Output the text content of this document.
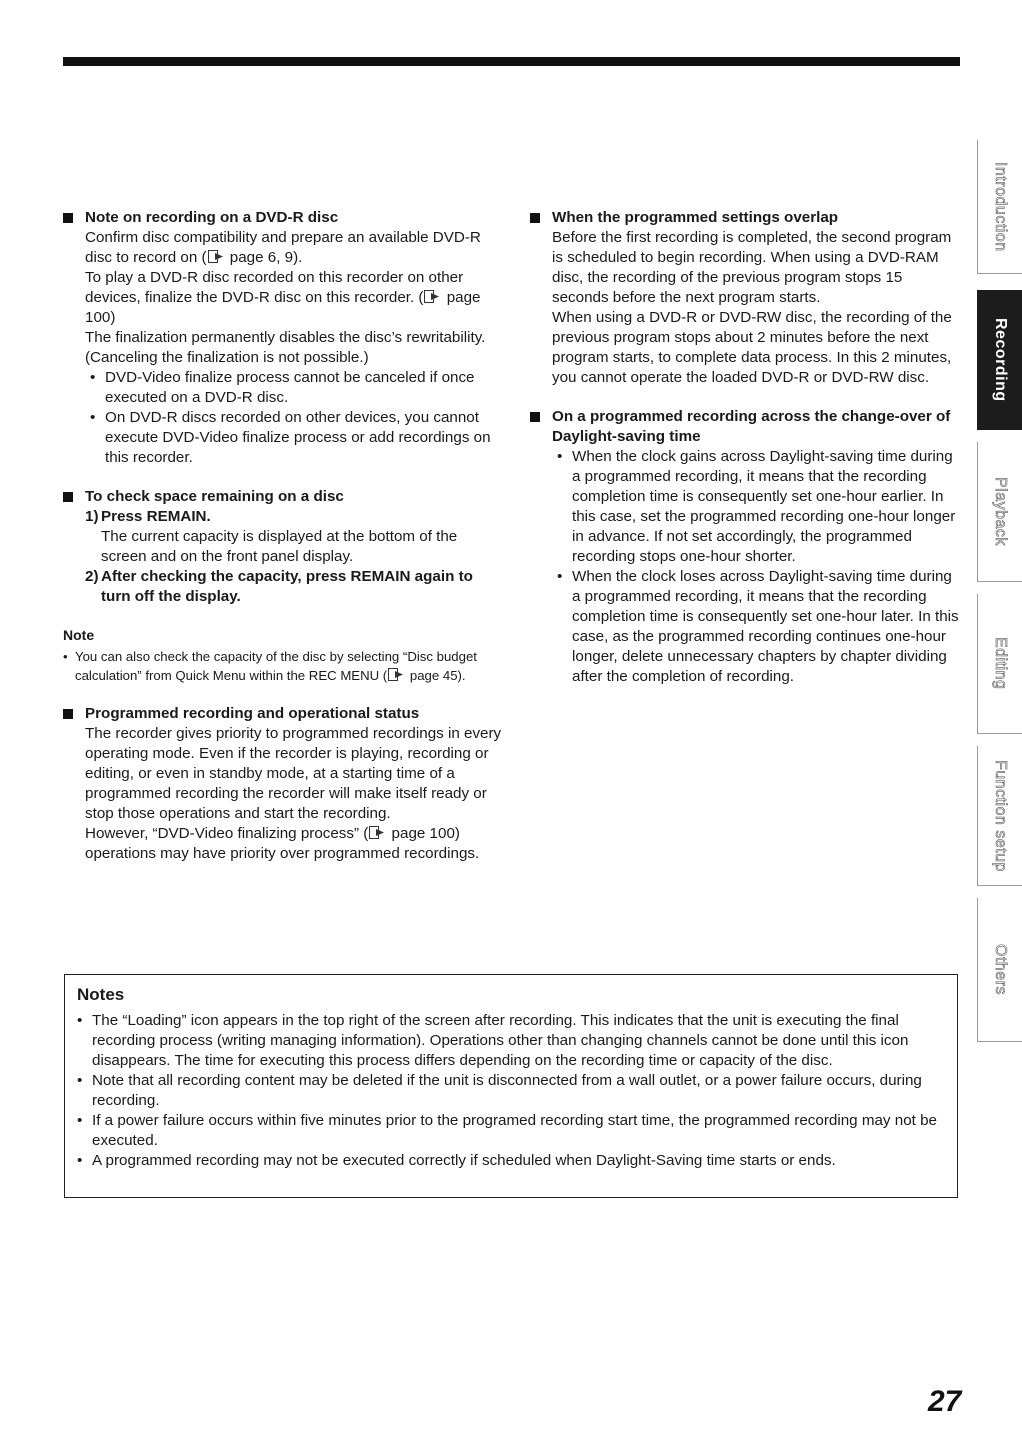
Note on recording on a DVD-R disc

Confirm disc compatibility and prepare an available DVD-R disc to record on ( page 6, 9).

To play a DVD-R disc recorded on this recorder on other devices, finalize the DVD-R disc on this recorder. ( page 100)

The finalization permanently disables the disc’s rewritability. (Canceling the finalization is not possible.)

• DVD-Video finalize process cannot be canceled if once executed on a DVD-R disc.
• On DVD-R discs recorded on other devices, you cannot execute DVD-Video finalize process or add recordings on this recorder.
To check space remaining on a disc
1) Press REMAIN.
The current capacity is displayed at the bottom of the screen and on the front panel display.
2) After checking the capacity, press REMAIN again to turn off the display.
Note
• You can also check the capacity of the disc by selecting “Disc budget calculation” from Quick Menu within the REC MENU ( page 45).
Programmed recording and operational status

The recorder gives priority to programmed recordings in every operating mode. Even if the recorder is playing, recording or editing, or even in standby mode, at a starting time of a programmed recording the recorder will make itself ready or stop those operations and start the recording.

However, “DVD-Video finalizing process” ( page 100) operations may have priority over programmed recordings.

When the programmed settings overlap

Before the first recording is completed, the second program is scheduled to begin recording. When using a DVD-RAM disc, the recording of the previous program stops 15 seconds before the next program starts.

When using a DVD-R or DVD-RW disc, the recording of the previous program stops about 2 minutes before the next program starts, to complete data process. In this 2 minutes, you cannot operate the loaded DVD-R or DVD-RW disc.

On a programmed recording across the change-over of Daylight-saving time
• When the clock gains across Daylight-saving time during a programmed recording, it means that the recording completion time is consequently set one-hour earlier. In this case, set the programmed recording one-hour longer in advance. If not set accordingly, the programmed recording stops one-hour shorter.
• When the clock loses across Daylight-saving time during a programmed recording, it means that the recording completion time is consequently set one-hour later. In this case, as the programmed recording continues one-hour longer, delete unnecessary chapters by chapter dividing after the completion of recording.
Notes
• The “Loading” icon appears in the top right of the screen after recording. This indicates that the unit is executing the final recording process (writing managing information). Operations other than changing channels cannot be done until this icon disappears. The time for executing this process differs depending on the recording time or capacity of the disc.
• Note that all recording content may be deleted if the unit is disconnected from a wall outlet, or a power failure occurs, during recording.
• If a power failure occurs within five minutes prior to the programed recording start time, the programmed recording may not be executed.
• A programmed recording may not be executed correctly if scheduled when Daylight-Saving time starts or ends.
Introduction
Recording
Playback
Editing
Function setup
Others
27
